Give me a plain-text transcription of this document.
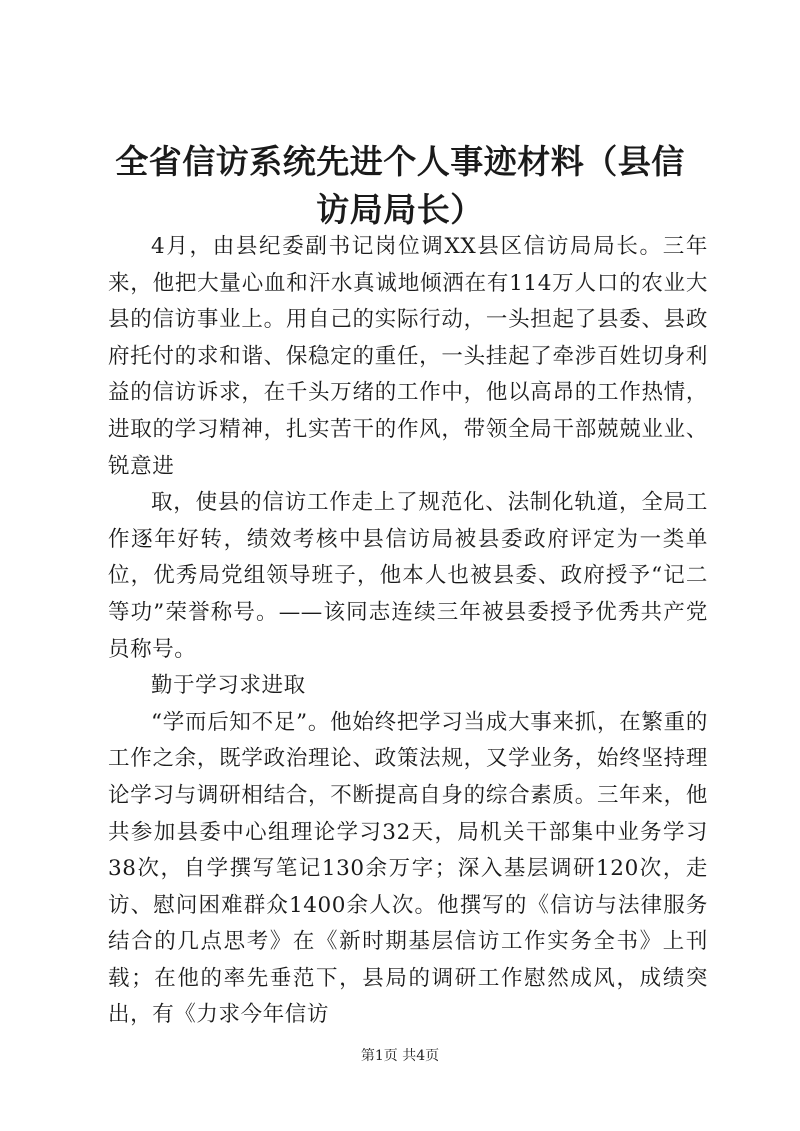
全省信访系统先进个人事迹材料（县信访局局长）

4月，由县纪委副书记岗位调XX县区信访局局长。三年来，他把大量心血和汗水真诚地倾洒在有114万人口的农业大县的信访事业上。用自己的实际行动，一头担起了县委、县政府托付的求和谐、保稳定的重任，一头挂起了牵涉百姓切身利益的信访诉求，在千头万绪的工作中，他以高昂的工作热情，进取的学习精神，扎实苦干的作风，带领全局干部兢兢业业、锐意进

取，使县的信访工作走上了规范化、法制化轨道，全局工作逐年好转，绩效考核中县信访局被县委政府评定为一类单位，优秀局党组领导班子，他本人也被县委、政府授予“记二等功”荣誉称号。——该同志连续三年被县委授予优秀共产党员称号。

勤于学习求进取

“学而后知不足”。他始终把学习当成大事来抓，在繁重的工作之余，既学政治理论、政策法规，又学业务，始终坚持理论学习与调研相结合，不断提高自身的综合素质。三年来，他共参加县委中心组理论学习32天，局机关干部集中业务学习38次，自学撰写笔记130余万字；深入基层调研120次，走访、慰问困难群众1400余人次。他撰写的《信访与法律服务结合的几点思考》在《新时期基层信访工作实务全书》上刊载；在他的率先垂范下，县局的调研工作慰然成风，成绩突出，有《力求今年信访

第1页 共4页
